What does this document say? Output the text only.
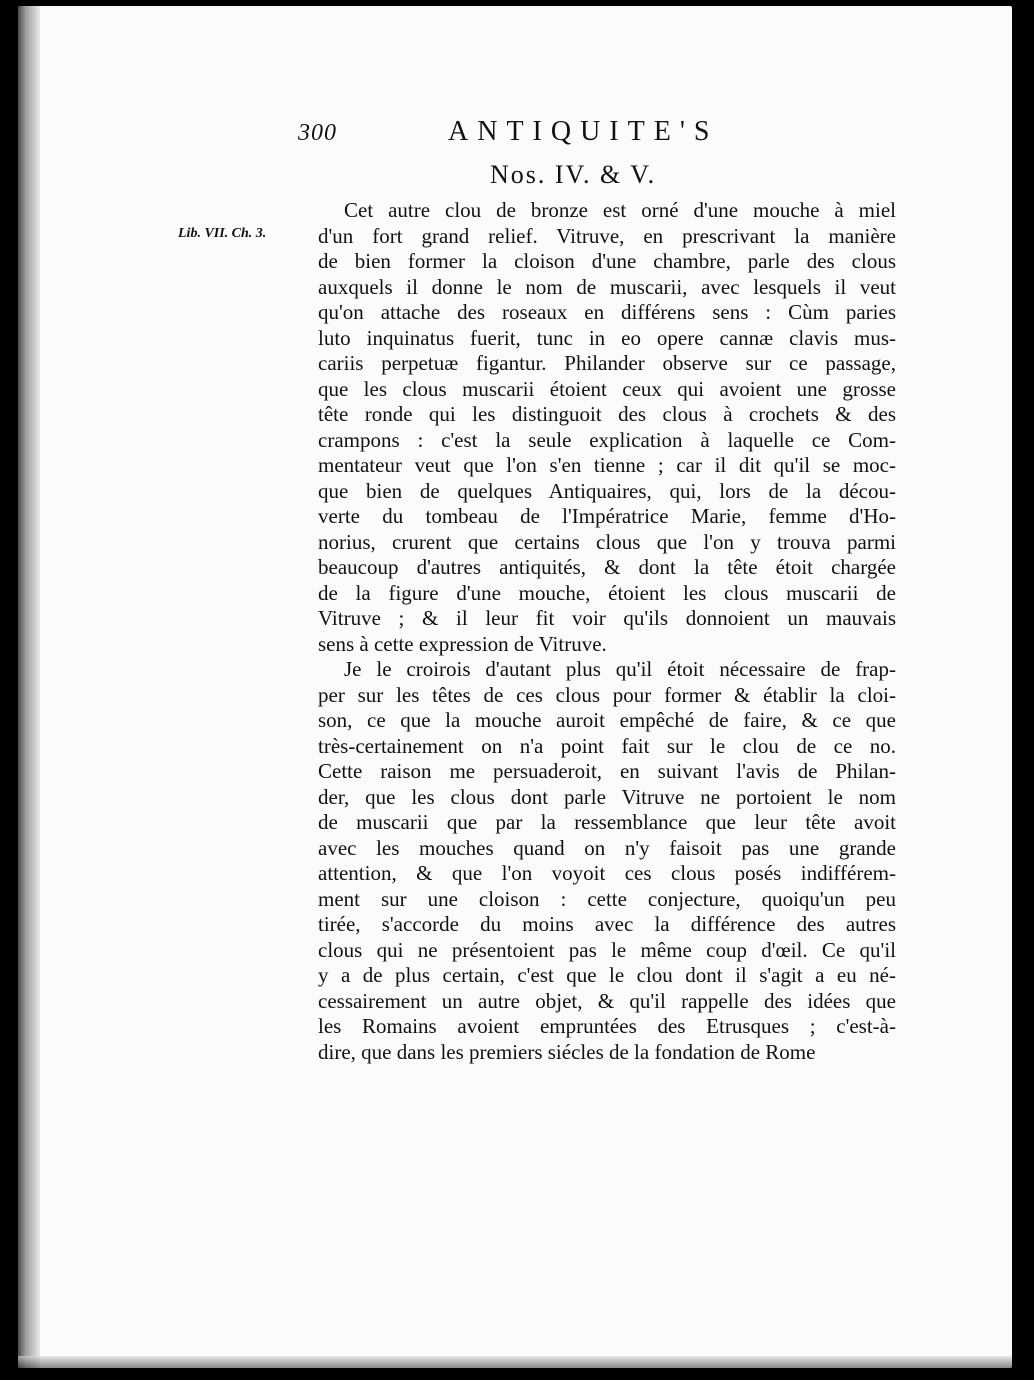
300	ANTIQUITE'S
Nos. IV. & V.
Lib. VII. Ch. 3.
Cet autre clou de bronze est orné d'une mouche à miel
d'un fort grand relief. Vitruve, en prescrivant la manière
de bien former la cloison d'une chambre, parle des clous
auxquels il donne le nom de muscarii, avec lesquels il veut
qu'on attache des roseaux en différens sens : Cùm paries
luto inquinatus fuerit, tunc in eo opere cannæ clavis mus-
cariis perpetuæ figantur. Philander observe sur ce passage,
que les clous muscarii étoient ceux qui avoient une grosse
tête ronde qui les distinguoit des clous à crochets & des
crampons : c'est la seule explication à laquelle ce Com-
mentateur veut que l'on s'en tienne ; car il dit qu'il se moc-
que bien de quelques Antiquaires, qui, lors de la décou-
verte du tombeau de l'Impératrice Marie, femme d'Ho-
norius, crurent que certains clous que l'on y trouva parmi
beaucoup d'autres antiquités, & dont la tête étoit chargée
de la figure d'une mouche, étoient les clous muscarii de
Vitruve ; & il leur fit voir qu'ils donnoient un mauvais
sens à cette expression de Vitruve.
Je le croirois d'autant plus qu'il étoit nécessaire de frap-
per sur les têtes de ces clous pour former & établir la cloi-
son, ce que la mouche auroit empêché de faire, & ce que
très-certainement on n'a point fait sur le clou de ce no.
Cette raison me persuaderoit, en suivant l'avis de Philan-
der, que les clous dont parle Vitruve ne portoient le nom
de muscarii que par la ressemblance que leur tête avoit
avec les mouches quand on n'y faisoit pas une grande
attention, & que l'on voyoit ces clous posés indifférem-
ment sur une cloison : cette conjecture, quoiqu'un peu
tirée, s'accorde du moins avec la différence des autres
clous qui ne présentoient pas le même coup d'œil. Ce qu'il
y a de plus certain, c'est que le clou dont il s'agit a eu né-
cessairement un autre objet, & qu'il rappelle des idées que
les Romains avoient empruntées des Etrusques ; c'est-à-
dire, que dans les premiers siécles de la fondation de Rome
